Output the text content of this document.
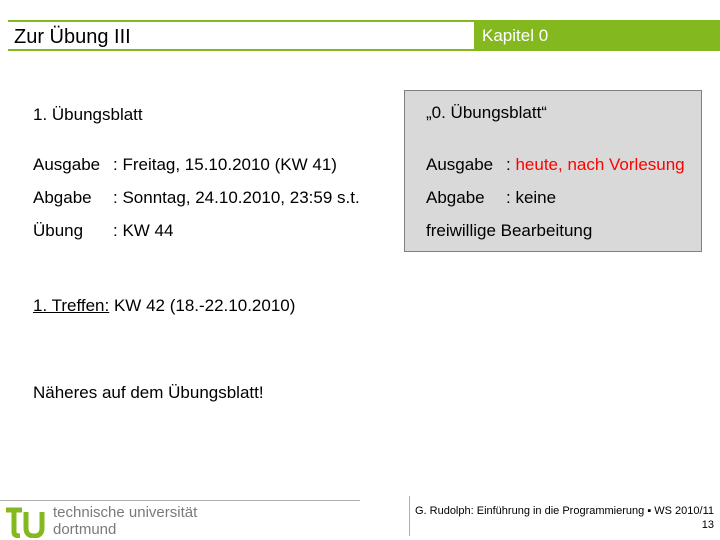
Zur Übung III	Kapitel 0
1. Übungsblatt
Ausgabe : Freitag, 15.10.2010 (KW 41)
Abgabe : Sonntag, 24.10.2010, 23:59 s.t.
Übung : KW 44
1. Treffen: KW 42 (18.-22.10.2010)
Näheres auf dem Übungsblatt!
„0. Übungsblatt“
Ausgabe : heute, nach Vorlesung
Abgabe : keine
freiwillige Bearbeitung
technische universität
dortmund
G. Rudolph: Einführung in die Programmierung ▪ WS 2010/11
13
